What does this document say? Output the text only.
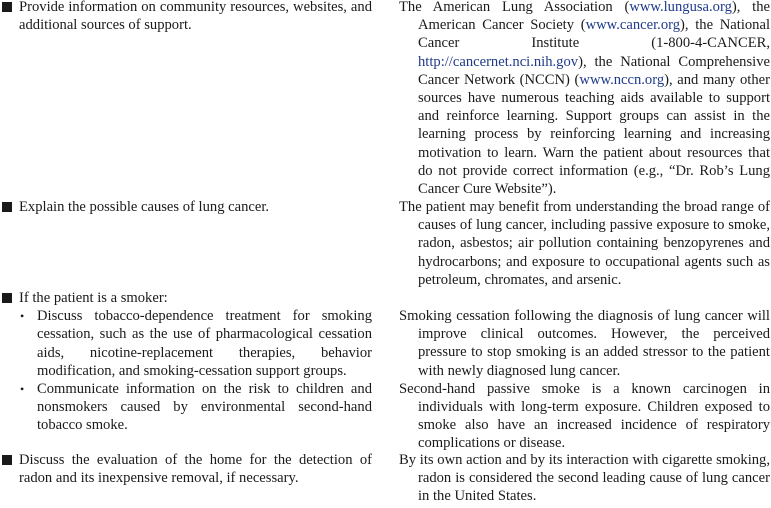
Provide information on community resources, websites, and additional sources of support.
The American Lung Association (www.lungusa.org), the American Cancer Society (www.cancer.org), the National Cancer Institute (1-800-4-CANCER, http://cancernet.nci.nih.gov), the National Comprehensive Cancer Network (NCCN) (www.nccn.org), and many other sources have numerous teaching aids available to support and reinforce learning. Support groups can assist in the learning process by reinforcing learning and increasing motivation to learn. Warn the patient about resources that do not provide correct information (e.g., “Dr. Rob’s Lung Cancer Cure Website”).
Explain the possible causes of lung cancer.	The patient may benefit from understanding the broad range of causes of lung cancer, including passive exposure to smoke, radon, asbestos; air pollution containing benzopyrenes and hydrocarbons; and exposure to occupational agents such as petroleum, chromates, and arsenic.
If the patient is a smoker:
• Discuss tobacco-dependence treatment for smoking cessation, such as the use of pharmacological cessation aids, nicotine-replacement therapies, behavior modification, and smoking-cessation support groups.
• Communicate information on the risk to children and nonsmokers caused by environmental second-hand tobacco smoke.
Smoking cessation following the diagnosis of lung cancer will improve clinical outcomes. However, the perceived pressure to stop smoking is an added stressor to the patient with newly diagnosed lung cancer.
Second-hand passive smoke is a known carcinogen in individuals with long-term exposure. Children exposed to smoke also have an increased incidence of respiratory complications or disease.
Discuss the evaluation of the home for the detection of radon and its inexpensive removal, if necessary.
By its own action and by its interaction with cigarette smoking, radon is considered the second leading cause of lung cancer in the United States.
